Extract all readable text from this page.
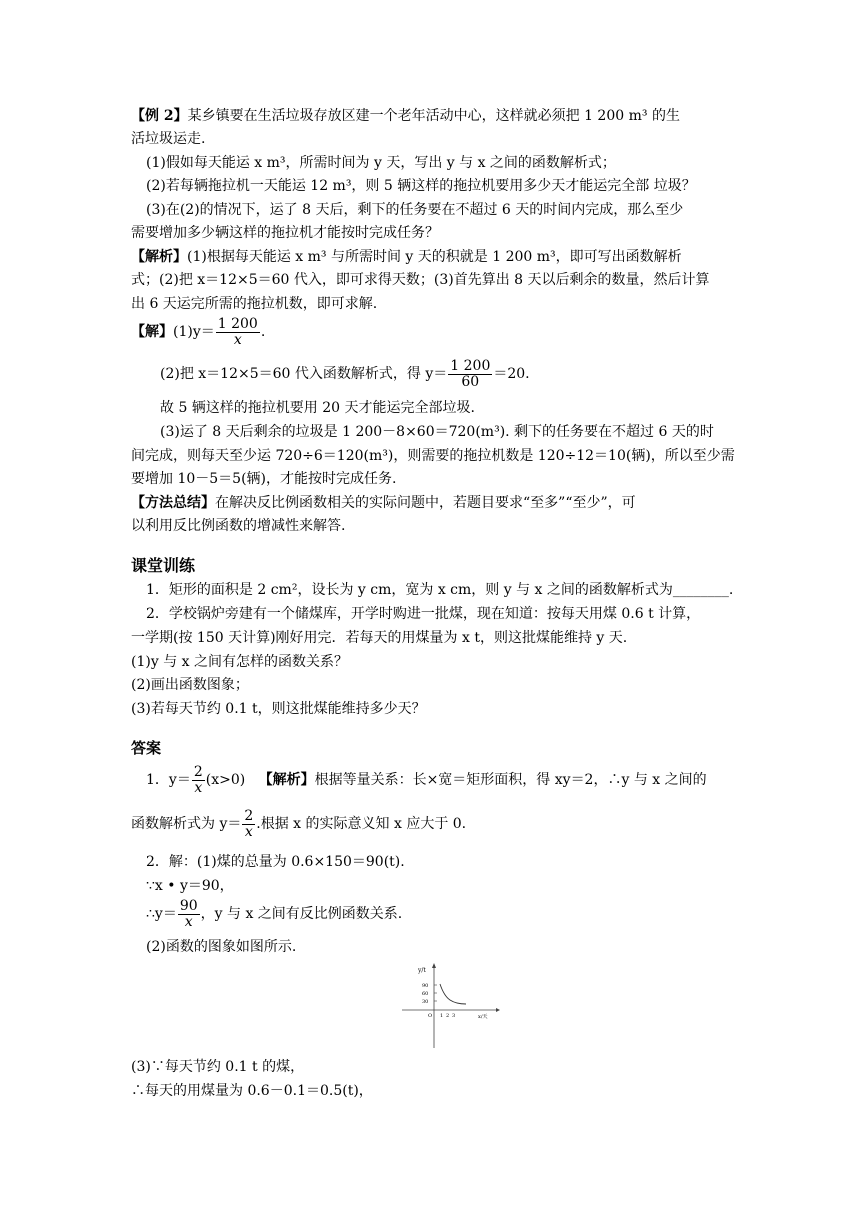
【例 2】某乡镇要在生活垃圾存放区建一个老年活动中心，这样就必须把 1 200 m³ 的生
活垃圾运走.
(1)假如每天能运 x m³，所需时间为 y 天，写出 y 与 x 之间的函数解析式；
(2)若每辆拖拉机一天能运 12 m³，则 5 辆这样的拖拉机要用多少天才能运完全部 垃圾？
(3)在(2)的情况下，运了 8 天后，剩下的任务要在不超过 6 天的时间内完成，那么至少
需要增加多少辆这样的拖拉机才能按时完成任务？
【解析】(1)根据每天能运 x m³ 与所需时间 y 天的积就是 1 200 m³，即可写出函数解析
式；(2)把 x＝12×5＝60 代入，即可求得天数；(3)首先算出 8 天以后剩余的数量，然后计算
出 6 天运完所需的拖拉机数，即可求解.
【解】$(1)y= \frac{1 200}{x}$ .
(2)把 x＝12×5＝60 代入函数解析式，得 $y= \frac{1 200}{60} =20$.
故 5 辆这样的拖拉机要用 20 天才能运完全部垃圾.
(3)运了 8 天后剩余的垃圾是 1 200－8×60＝720(m³). 剩下的任务要在不超过 6 天的时
间完成，则每天至少运 720÷6＝120(m³)，则需要的拖拉机数是 120÷12＝10(辆)，所以至少需
要增加 10－5＝5(辆)，才能按时完成任务.
【方法总结】在解决反比例函数相关的实际问题中，若题目要求“至多”“至少”，可
以利用反比例函数的增减性来解答.
课堂训练
1．矩形的面积是 2 cm²，设长为 y cm，宽为 x cm，则 y 与 x 之间的函数解析式为________.
2．学校锅炉旁建有一个储煤库，开学时购进一批煤，现在知道：按每天用煤 0.6 t 计算，
一学期(按 150 天计算)刚好用完．若每天的用煤量为 x t，则这批煤能维持 y 天.
(1)y 与 x 之间有怎样的函数关系？
(2)画出函数图象；
(3)若每天节约 0.1 t，则这批煤能维持多少天？
答案
1．$y= \frac{2}{x} (x>0)$ 【解析】根据等量关系：长×宽＝矩形面积，得 xy＝2，∴y 与 x 之间的
函数解析式为 $y= \frac{2}{x}$ .根据 x 的实际意义知 x 应大于 0.
2．解：(1)煤的总量为 0.6×150＝90(t).
∵x • y＝90，
∴y＝ $\frac{90}{x}$ ，y 与 x 之间有反比例函数关系.
(2)函数的图象如图所示.
y/t
90
60
30
O 1 2 3	x/天
(3)∵每天节约 0.1 t 的煤，
∴每天的用煤量为 0.6－0.1＝0.5(t)，
